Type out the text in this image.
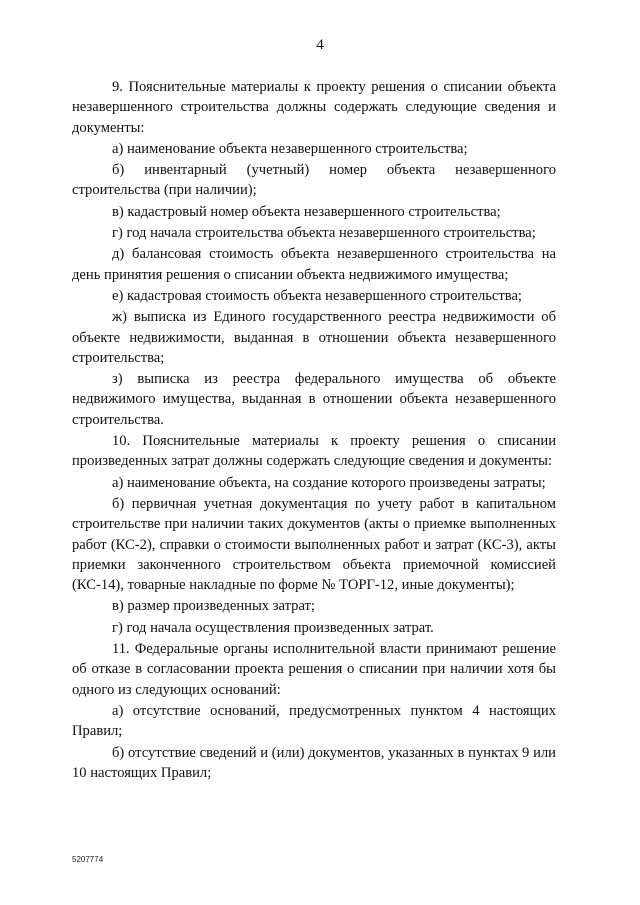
4

9. Пояснительные материалы к проекту решения о списании объекта незавершенного строительства должны содержать следующие сведения и документы:

а) наименование объекта незавершенного строительства;

б) инвентарный (учетный) номер объекта незавершенного строительства (при наличии);

в) кадастровый номер объекта незавершенного строительства;

г) год начала строительства объекта незавершенного строительства;

д) балансовая стоимость объекта незавершенного строительства на день принятия решения о списании объекта недвижимого имущества;

е) кадастровая стоимость объекта незавершенного строительства;

ж) выписка из Единого государственного реестра недвижимости об объекте недвижимости, выданная в отношении объекта незавершенного строительства;

з) выписка из реестра федерального имущества об объекте недвижимого имущества, выданная в отношении объекта незавершенного строительства.

10. Пояснительные материалы к проекту решения о списании произведенных затрат должны содержать следующие сведения и документы:

а) наименование объекта, на создание которого произведены затраты;

б) первичная учетная документация по учету работ в капитальном строительстве при наличии таких документов (акты о приемке выполненных работ (КС-2), справки о стоимости выполненных работ и затрат (КС-3), акты приемки законченного строительством объекта приемочной комиссией (КС-14), товарные накладные по форме № ТОРГ-12, иные документы);

в) размер произведенных затрат;

г) год начала осуществления произведенных затрат.

11. Федеральные органы исполнительной власти принимают решение об отказе в согласовании проекта решения о списании при наличии хотя бы одного из следующих оснований:

а) отсутствие оснований, предусмотренных пунктом 4 настоящих Правил;

б) отсутствие сведений и (или) документов, указанных в пунктах 9 или 10 настоящих Правил;

5207774
